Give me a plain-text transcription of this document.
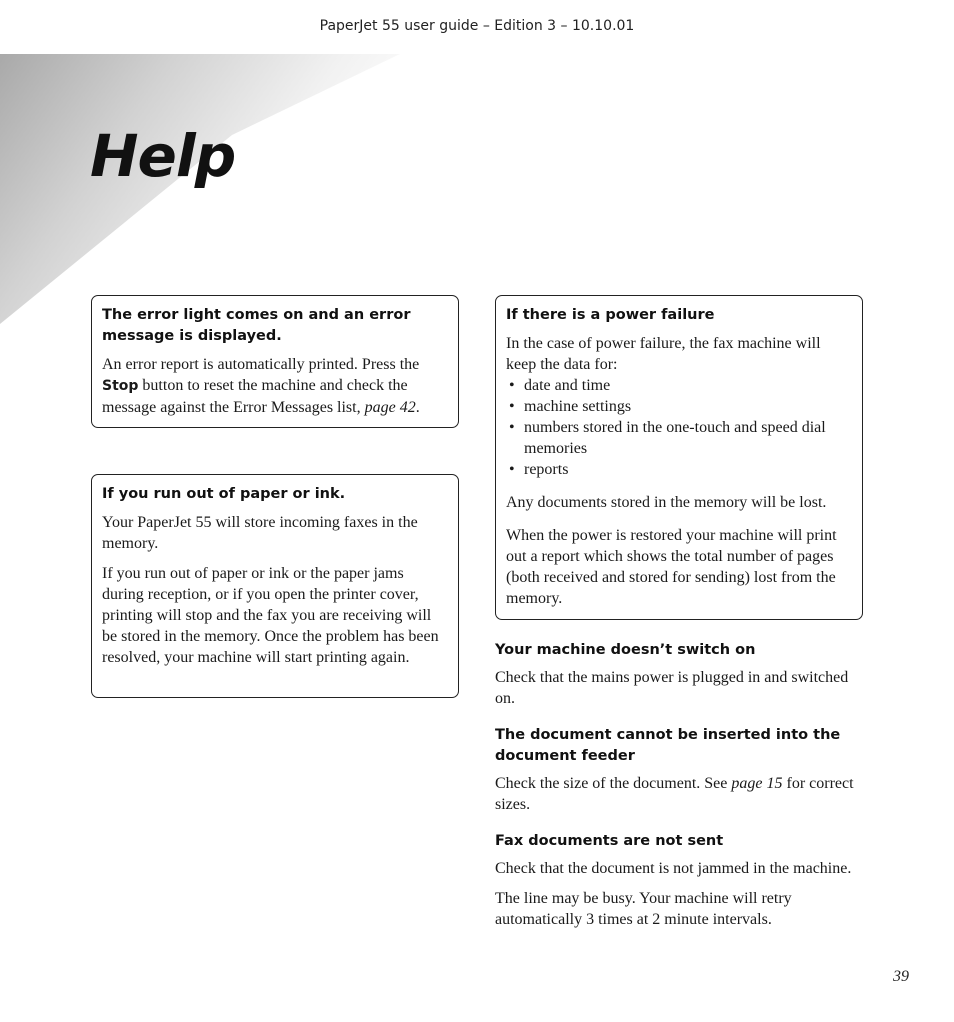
PaperJet 55 user guide – Edition 3 – 10.10.01
Help
The error light comes on and an error message is displayed.
An error report is automatically printed. Press the Stop button to reset the machine and check the message against the Error Messages list, page 42.
If you run out of paper or ink.
Your PaperJet 55 will store incoming faxes in the memory.
If you run out of paper or ink or the paper jams during reception, or if you open the printer cover, printing will stop and the fax you are receiving will be stored in the memory. Once the problem has been resolved, your machine will start printing again.
If there is a power failure
In the case of power failure, the fax machine will keep the data for:
• date and time
• machine settings
• numbers stored in the one-touch and speed dial memories
• reports
Any documents stored in the memory will be lost.
When the power is restored your machine will print out a report which shows the total number of pages (both received and stored for sending) lost from the memory.
Your machine doesn’t switch on
Check that the mains power is plugged in and switched on.
The document cannot be inserted into the document feeder
Check the size of the document. See page 15 for correct sizes.
Fax documents are not sent
Check that the document is not jammed in the machine.
The line may be busy. Your machine will retry automatically 3 times at 2 minute intervals.
39
